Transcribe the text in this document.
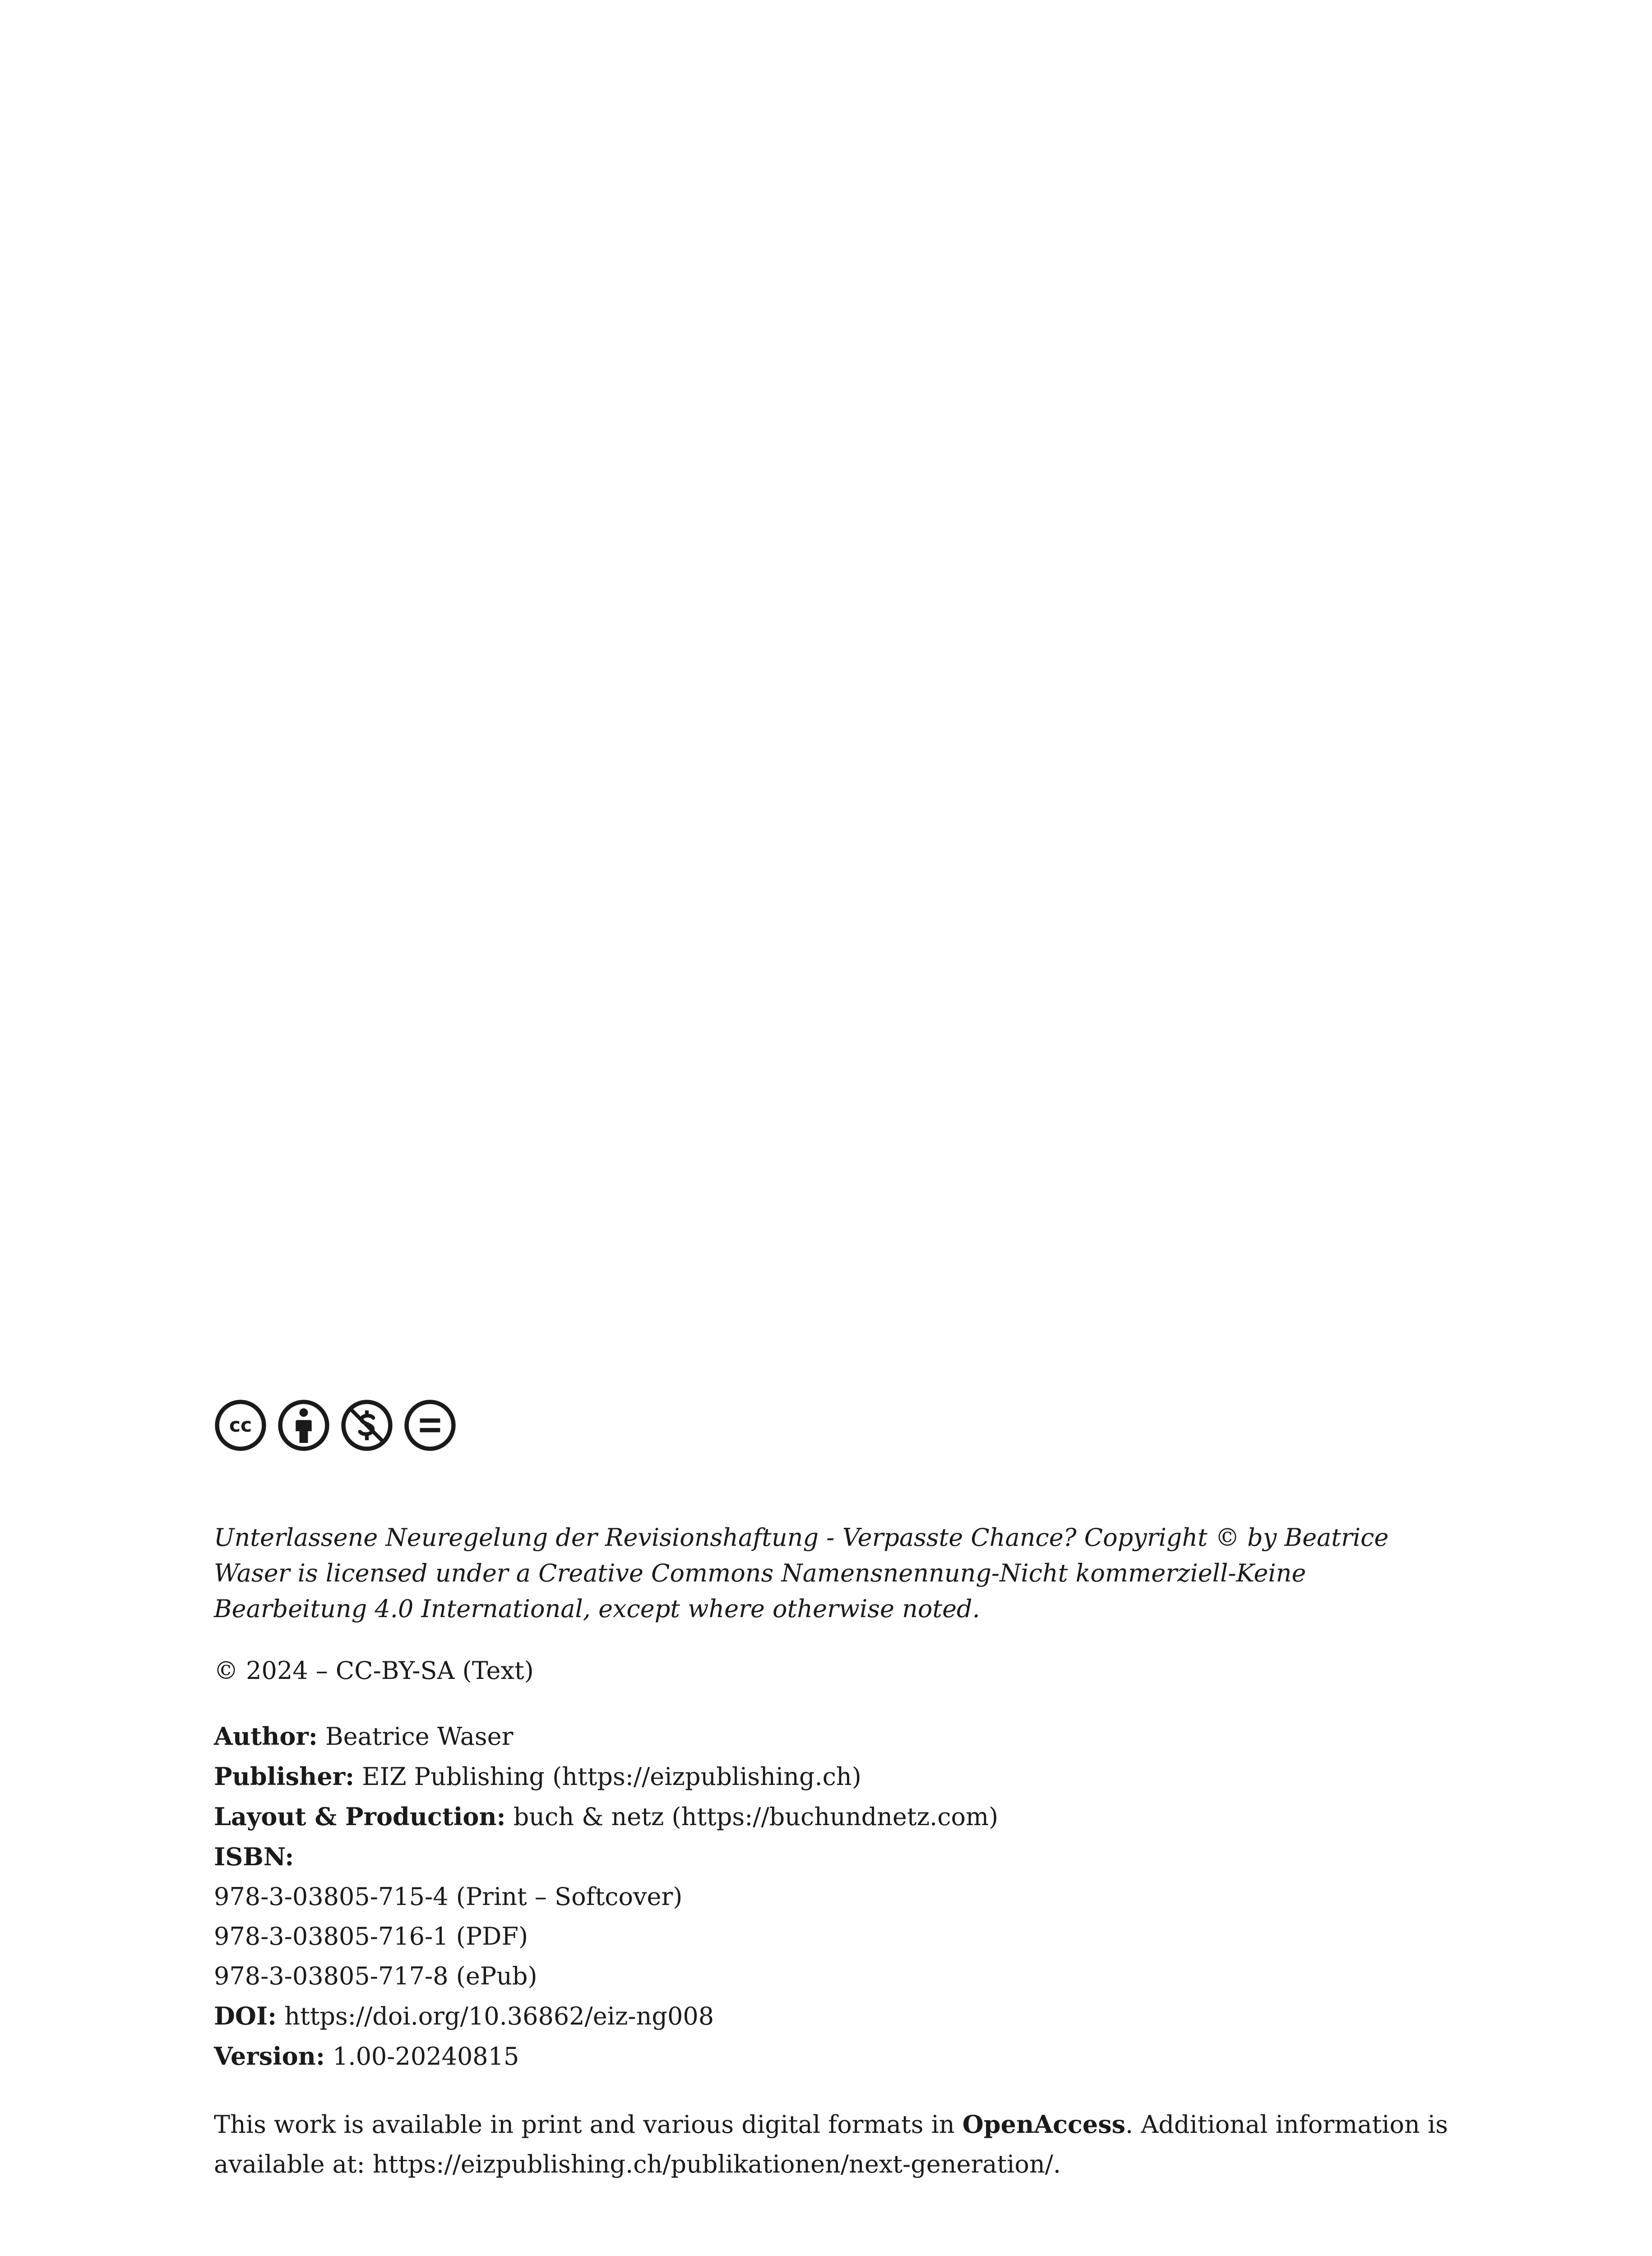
cc

Unterlassene Neuregelung der Revisionshaftung - Verpasste Chance? Copyright © by Beatrice Waser is licensed under a Creative Commons Namensnennung-Nicht kommerziell-Keine Bearbeitung 4.0 International, except where otherwise noted.

© 2024 – CC-BY-SA (Text)

Author: Beatrice Waser
Publisher: EIZ Publishing (https://eizpublishing.ch)
Layout & Production: buch & netz (https://buchundnetz.com)
ISBN:
978-3-03805-715-4 (Print – Softcover)
978-3-03805-716-1 (PDF)
978-3-03805-717-8 (ePub)
DOI: https://doi.org/10.36862/eiz-ng008
Version: 1.00-20240815

This work is available in print and various digital formats in OpenAccess. Additional information is available at: https://eizpublishing.ch/publikationen/next-generation/.
